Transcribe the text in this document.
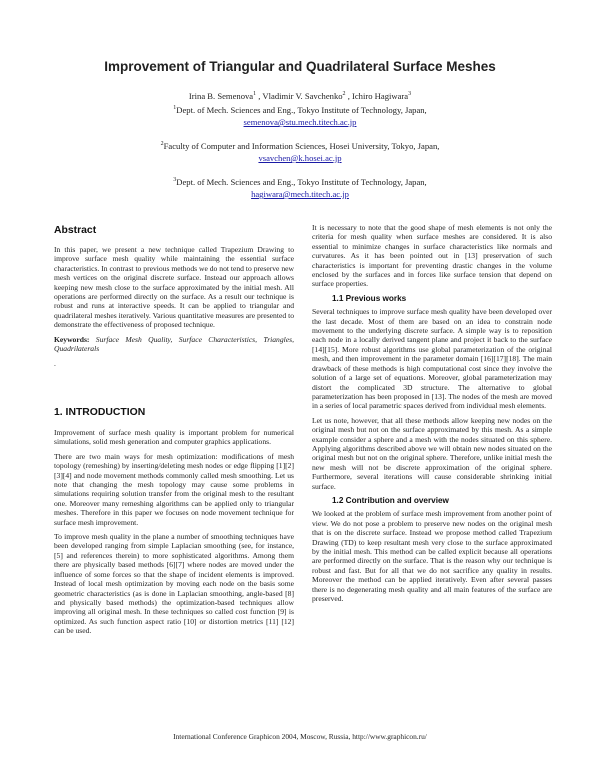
Improvement of Triangular and Quadrilateral Surface Meshes
Irina B. Semenova$^1$ , Vladimir V. Savchenko$^2$ , Ichiro Hagiwara$^3$
$^1$Dept. of Mech. Sciences and Eng., Tokyo Institute of Technology, Japan,
semenova@stu.mech.titech.ac.jp
$^2$Faculty of Computer and Information Sciences, Hosei University, Tokyo, Japan,
vsavchen@k.hosei.ac.jp
$^3$Dept. of Mech. Sciences and Eng., Tokyo Institute of Technology, Japan,
hagiwara@mech.titech.ac.jp
Abstract

In this paper, we present a new technique called Trapezium Drawing to improve surface mesh quality while maintaining the essential surface characteristics. In contrast to previous methods we do not tend to preserve new mesh vertices on the original discrete surface. Instead our approach allows keeping new mesh close to the surface approximated by the initial mesh. All operations are performed directly on the surface. As a result our technique is robust and runs at interactive speeds. It can be applied to triangular and quadrilateral meshes iteratively. Various quantitative measures are presented to demonstrate the effectiveness of proposed technique.

Keywords: Surface Mesh Quality, Surface Characteristics, Triangles, Quadrilaterals

.

1. INTRODUCTION

Improvement of surface mesh quality is important problem for numerical simulations, solid mesh generation and computer graphics applications.

There are two main ways for mesh optimization: modifications of mesh topology (remeshing) by inserting/deleting mesh nodes or edge flipping [1][2][3][4] and node movement methods commonly called mesh smoothing. Let us note that changing the mesh topology may cause some problems in simulations requiring solution transfer from the original mesh to the resultant one. Moreover many remeshing algorithms can be applied only to triangular meshes. Therefore in this paper we focuses on node movement technique for surface mesh improvement.

To improve mesh quality in the plane a number of smoothing techniques have been developed ranging from simple Laplacian smoothing (see, for instance, [5] and references therein) to more sophisticated algorithms. Among them there are physically based methods [6][7] where nodes are moved under the influence of some forces so that the shape of incident elements is improved. Instead of local mesh optimization by moving each node on the basis some geometric characteristics (as is done in Laplacian smoothing, angle-based [8] and physically based methods) the optimization-based techniques allow improving all original mesh. In these techniques so called cost function [9] is optimized. As such function aspect ratio [10] or distortion metrics [11] [12] can be used.

It is necessary to note that the good shape of mesh elements is not only the criteria for mesh quality when surface meshes are considered. It is also essential to minimize changes in surface characteristics like normals and curvatures. As it has been pointed out in [13] preservation of such characteristics is important for preventing drastic changes in the volume enclosed by the surfaces and in forces like surface tension that depend on surface properties.

1.1 Previous works

Several techniques to improve surface mesh quality have been developed over the last decade. Most of them are based on an idea to constrain node movement to the underlying discrete surface. A simple way is to reposition each node in a locally derived tangent plane and project it back to the surface [14][15]. More robust algorithms use global parameterization of the original mesh, and then improvement in the parameter domain [16][17][18]. The main drawback of these methods is high computational cost since they involve the solution of a large set of equations. Moreover, global parameterization may distort the complicated 3D structure. The alternative to global parameterization has been proposed in [13]. The nodes of the mesh are moved in a series of local parametric spaces derived from individual mesh elements.

Let us note, however, that all these methods allow keeping new nodes on the original mesh but not on the surface approximated by this mesh. As a simple example consider a sphere and a mesh with the nodes situated on this sphere. Applying algorithms described above we will obtain new nodes situated on the original mesh but not on the original sphere. Therefore, unlike initial mesh the new mesh will not be discrete approximation of the original sphere. Furthermore, several iterations will cause considerable shrinking initial surface.

1.2 Contribution and overview

We looked at the problem of surface mesh improvement from another point of view. We do not pose a problem to preserve new nodes on the original mesh that is on the discrete surface. Instead we propose method called Trapezium Drawing (TD) to keep resultant mesh very close to the surface approximated by the initial mesh. This method can be called explicit because all operations are performed directly on the surface. That is the reason why our technique is robust and fast. But for all that we do not sacrifice any quality in results. Moreover the method can be applied iteratively. Even after several passes there is no degenerating mesh quality and all main features of the surface are preserved.

International Conference Graphicon 2004, Moscow, Russia, http://www.graphicon.ru/
